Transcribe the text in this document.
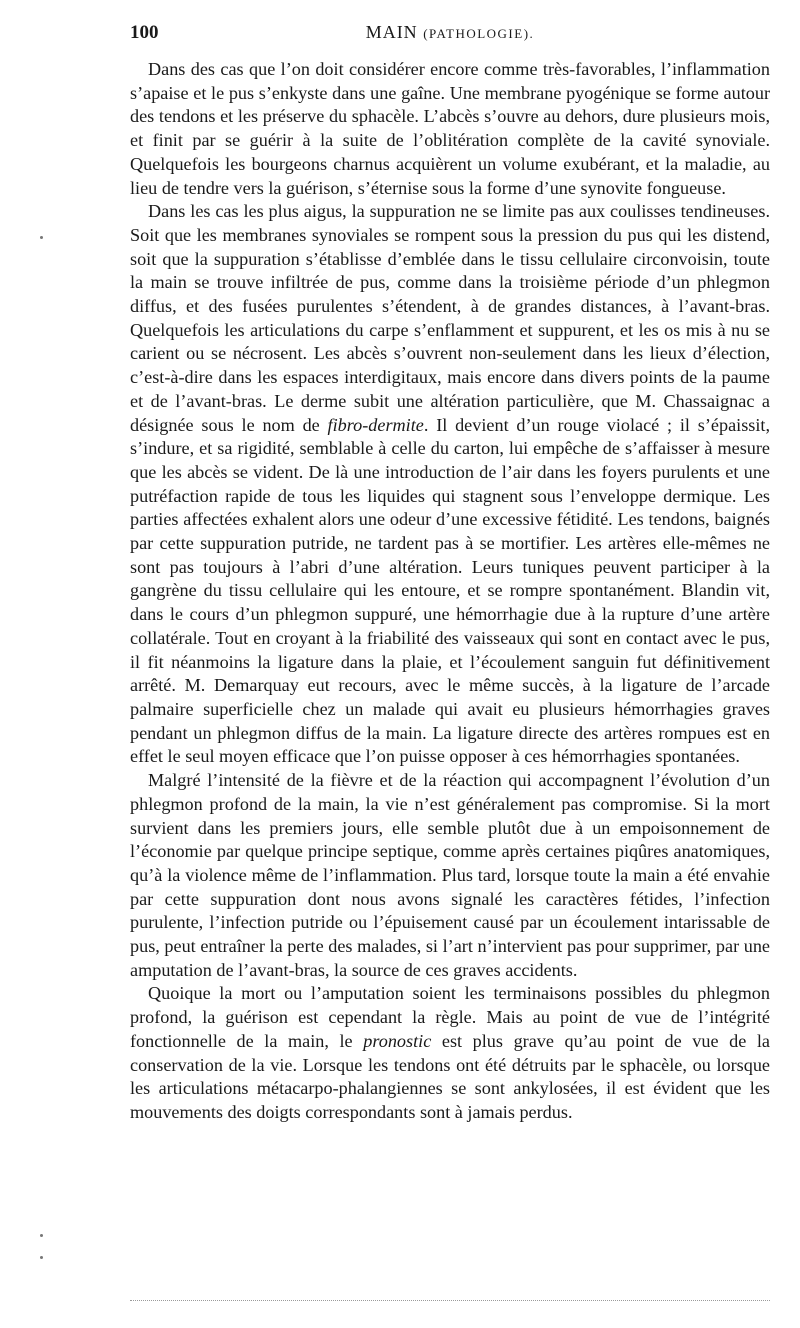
100	MAIN (PATHOLOGIE).

Dans des cas que l’on doit considérer encore comme très-favorables, l’inflammation s’apaise et le pus s’enkyste dans une gaîne. Une membrane pyogénique se forme autour des tendons et les préserve du sphacèle. L’abcès s’ouvre au dehors, dure plusieurs mois, et finit par se guérir à la suite de l’oblitération complète de la cavité synoviale. Quelquefois les bourgeons charnus acquièrent un volume exubérant, et la maladie, au lieu de tendre vers la guérison, s’éternise sous la forme d’une synovite fongueuse.

Dans les cas les plus aigus, la suppuration ne se limite pas aux coulisses tendineuses. Soit que les membranes synoviales se rompent sous la pression du pus qui les distend, soit que la suppuration s’établisse d’emblée dans le tissu cellulaire circonvoisin, toute la main se trouve infiltrée de pus, comme dans la troisième période d’un phlegmon diffus, et des fusées purulentes s’étendent, à de grandes distances, à l’avant-bras. Quelquefois les articulations du carpe s’enflamment et suppurent, et les os mis à nu se carient ou se nécrosent. Les abcès s’ouvrent non-seulement dans les lieux d’élection, c’est-à-dire dans les espaces interdigitaux, mais encore dans divers points de la paume et de l’avant-bras. Le derme subit une altération particulière, que M. Chassaignac a désignée sous le nom de fibro-dermite. Il devient d’un rouge violacé ; il s’épaissit, s’indure, et sa rigidité, semblable à celle du carton, lui empêche de s’affaisser à mesure que les abcès se vident. De là une introduction de l’air dans les foyers purulents et une putréfaction rapide de tous les liquides qui stagnent sous l’enveloppe dermique. Les parties affectées exhalent alors une odeur d’une excessive fétidité. Les tendons, baignés par cette suppuration putride, ne tardent pas à se mortifier. Les artères elle-mêmes ne sont pas toujours à l’abri d’une altération. Leurs tuniques peuvent participer à la gangrène du tissu cellulaire qui les entoure, et se rompre spontanément. Blandin vit, dans le cours d’un phlegmon suppuré, une hémorrhagie due à la rupture d’une artère collatérale. Tout en croyant à la friabilité des vaisseaux qui sont en contact avec le pus, il fit néanmoins la ligature dans la plaie, et l’écoulement sanguin fut définitivement arrêté. M. Demarquay eut recours, avec le même succès, à la ligature de l’arcade palmaire superficielle chez un malade qui avait eu plusieurs hémorrhagies graves pendant un phlegmon diffus de la main. La ligature directe des artères rompues est en effet le seul moyen efficace que l’on puisse opposer à ces hémorrhagies spontanées.

Malgré l’intensité de la fièvre et de la réaction qui accompagnent l’évolution d’un phlegmon profond de la main, la vie n’est généralement pas compromise. Si la mort survient dans les premiers jours, elle semble plutôt due à un empoisonnement de l’économie par quelque principe septique, comme après certaines piqûres anatomiques, qu’à la violence même de l’inflammation. Plus tard, lorsque toute la main a été envahie par cette suppuration dont nous avons signalé les caractères fétides, l’infection purulente, l’infection putride ou l’épuisement causé par un écoulement intarissable de pus, peut entraîner la perte des malades, si l’art n’intervient pas pour supprimer, par une amputation de l’avant-bras, la source de ces graves accidents.

Quoique la mort ou l’amputation soient les terminaisons possibles du phlegmon profond, la guérison est cependant la règle. Mais au point de vue de l’intégrité fonctionnelle de la main, le pronostic est plus grave qu’au point de vue de la conservation de la vie. Lorsque les tendons ont été détruits par le sphacèle, ou lorsque les articulations métacarpo-phalangiennes se sont ankylosées, il est évident que les mouvements des doigts correspondants sont à jamais perdus.
